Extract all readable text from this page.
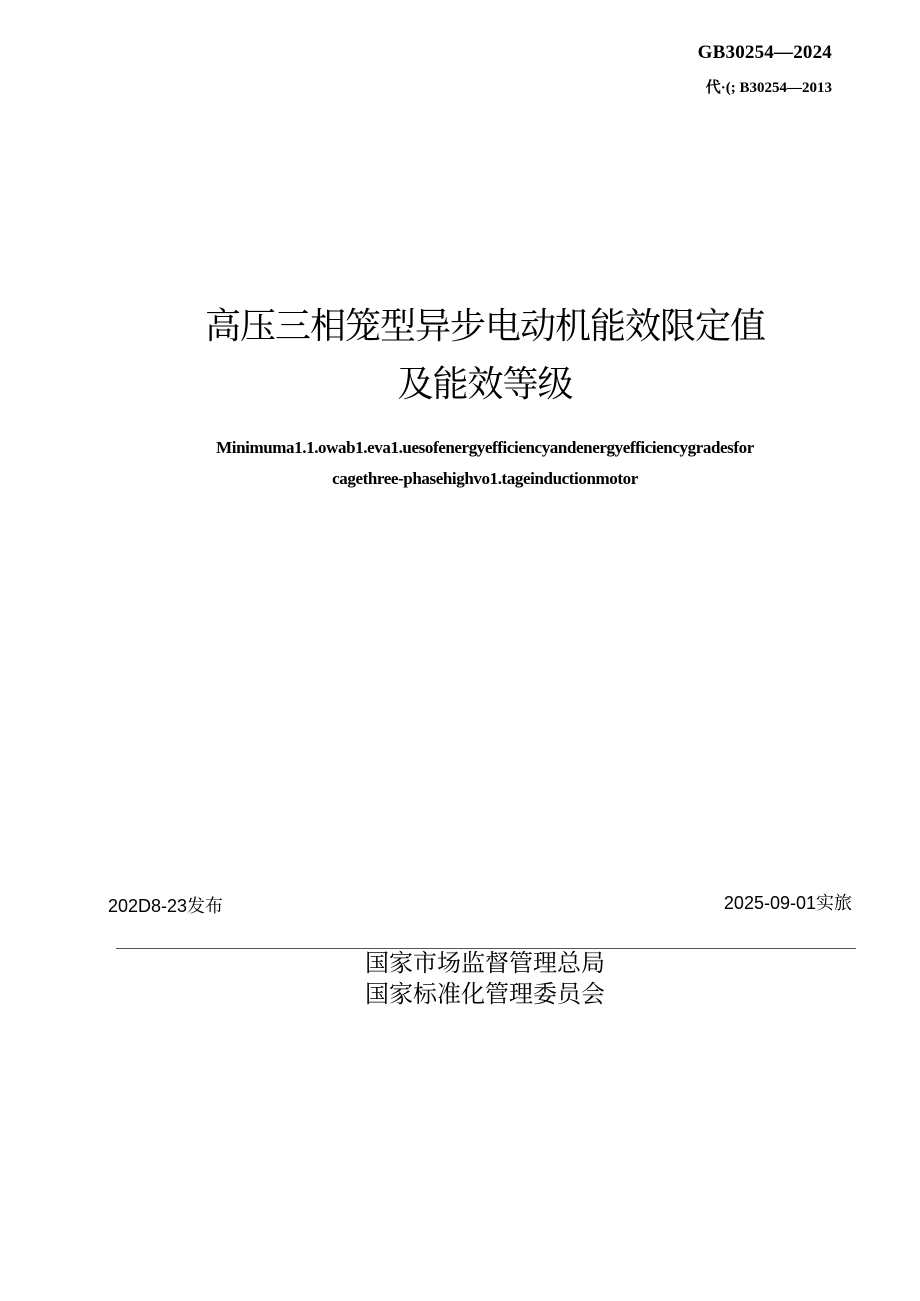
GB30254—2024
代·(; B30254—2013
高压三相笼型异步电动机能效限定值
及能效等级
Minimuma1.1.owab1.eva1.uesofenergyefficiencyandenergyefficiencygradesfor
cagethree-phasehighvo1.tageinductionmotor
202D8-23发布	2025-09-01实旅
国家市场监督管理总局
国家标准化管理委员会
